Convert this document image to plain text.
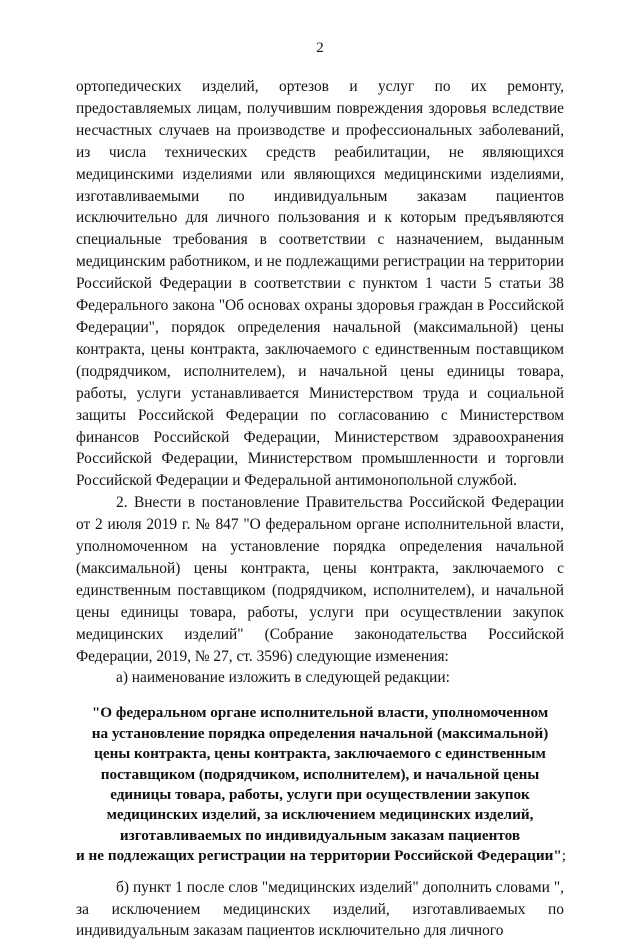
2

ортопедических изделий, ортезов и услуг по их ремонту, предоставляемых лицам, получившим повреждения здоровья вследствие несчастных случаев на производстве и профессиональных заболеваний, из числа технических средств реабилитации, не являющихся медицинскими изделиями или являющихся медицинскими изделиями, изготавливаемыми по индивидуальным заказам пациентов исключительно для личного пользования и к которым предъявляются специальные требования в соответствии с назначением, выданным медицинским работником, и не подлежащими регистрации на территории Российской Федерации в соответствии с пунктом 1 части 5 статьи 38 Федерального закона "Об основах охраны здоровья граждан в Российской Федерации", порядок определения начальной (максимальной) цены контракта, цены контракта, заключаемого с единственным поставщиком (подрядчиком, исполнителем), и начальной цены единицы товара, работы, услуги устанавливается Министерством труда и социальной защиты Российской Федерации по согласованию с Министерством финансов Российской Федерации, Министерством здравоохранения Российской Федерации, Министерством промышленности и торговли Российской Федерации и Федеральной антимонопольной службой.

2. Внести в постановление Правительства Российской Федерации от 2 июля 2019 г. № 847 "О федеральном органе исполнительной власти, уполномоченном на установление порядка определения начальной (максимальной) цены контракта, цены контракта, заключаемого с единственным поставщиком (подрядчиком, исполнителем), и начальной цены единицы товара, работы, услуги при осуществлении закупок медицинских изделий" (Собрание законодательства Российской Федерации, 2019, № 27, ст. 3596) следующие изменения:

а) наименование изложить в следующей редакции:

"О федеральном органе исполнительной власти, уполномоченном
на установление порядка определения начальной (максимальной)
цены контракта, цены контракта, заключаемого с единственным
поставщиком (подрядчиком, исполнителем), и начальной цены
единицы товара, работы, услуги при осуществлении закупок
медицинских изделий, за исключением медицинских изделий,
изготавливаемых по индивидуальным заказам пациентов
и не подлежащих регистрации на территории Российской Федерации";

б) пункт 1 после слов "медицинских изделий" дополнить словами ", за исключением медицинских изделий, изготавливаемых по индивидуальным заказам пациентов исключительно для личного
